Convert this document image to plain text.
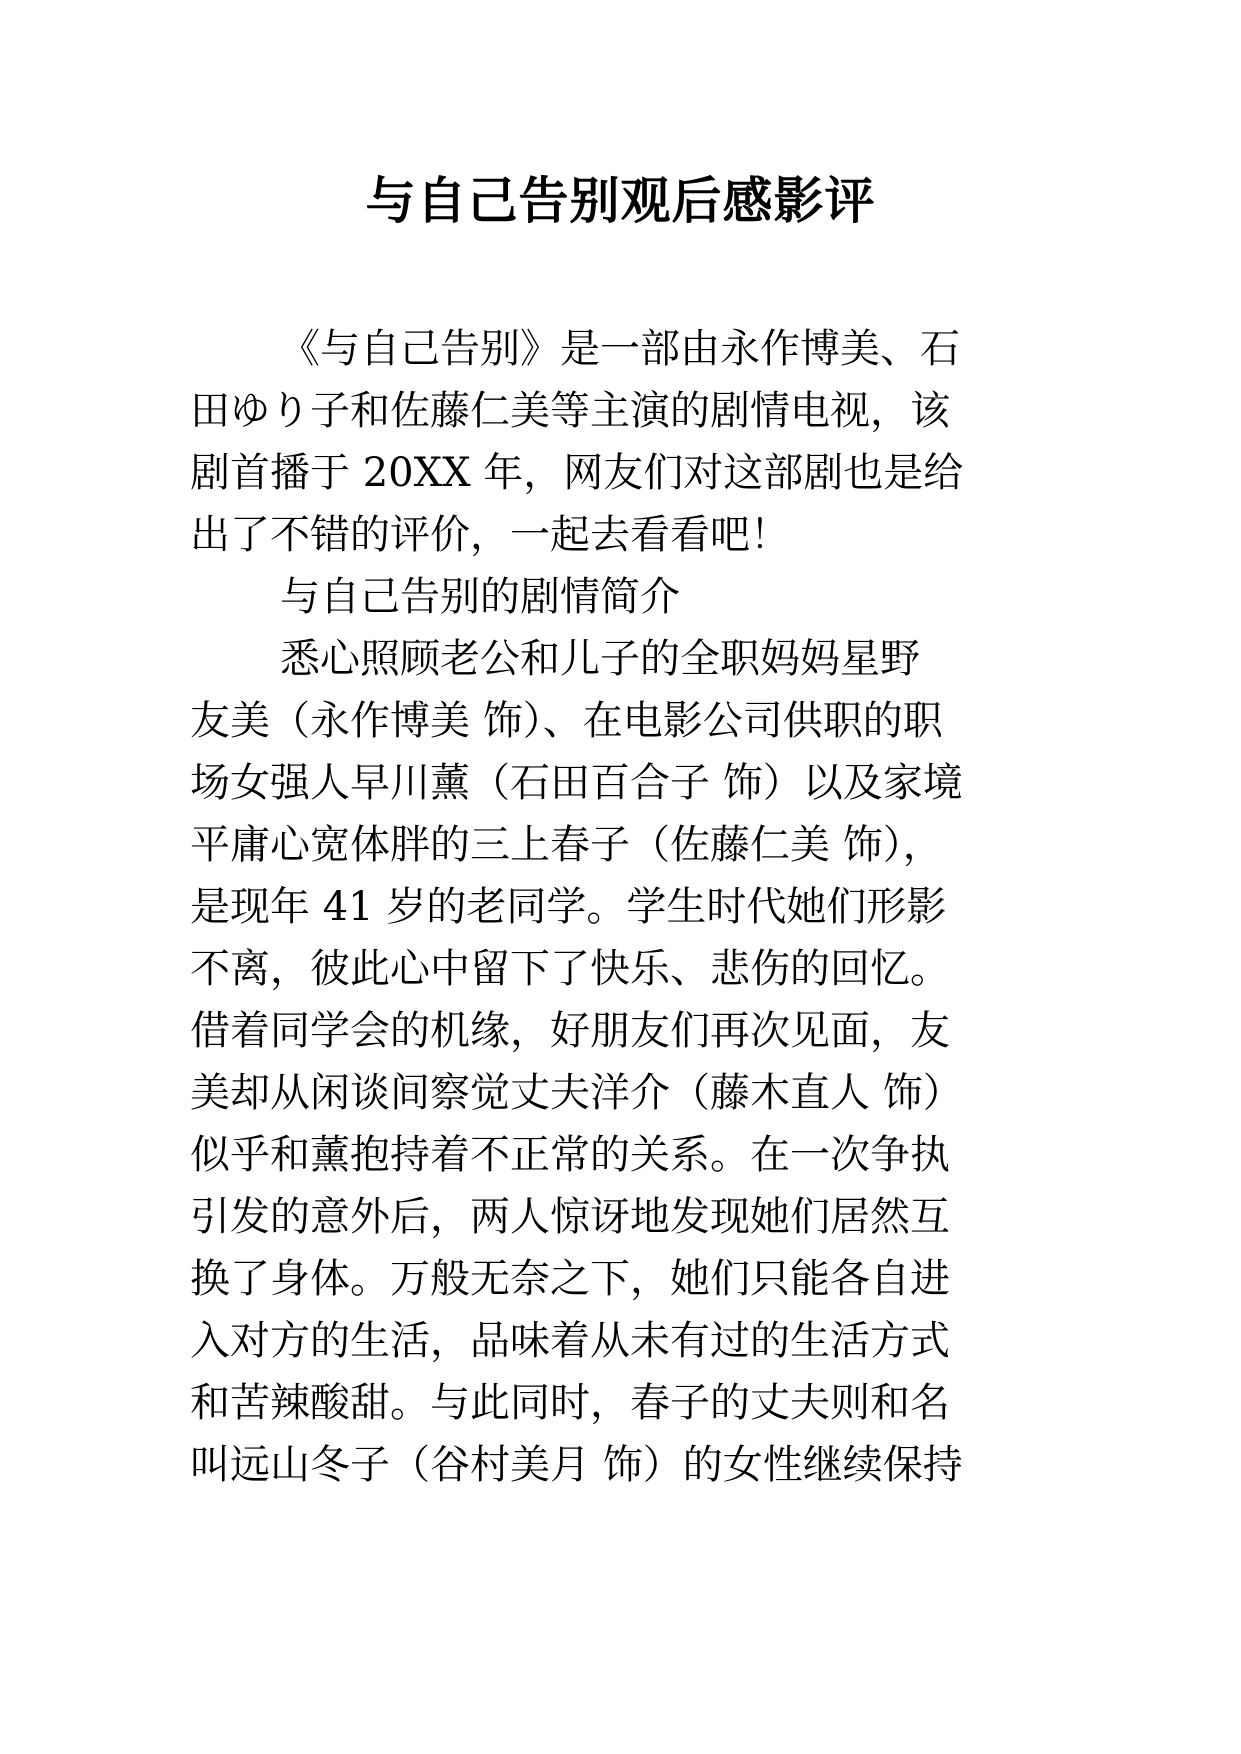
与自己告别观后感影评
《与自己告别》是一部由永作博美、石
田ゆり子和佐藤仁美等主演的剧情电视，该
剧首播于 20XX 年，网友们对这部剧也是给
出了不错的评价，一起去看看吧！
与自己告别的剧情简介
悉心照顾老公和儿子的全职妈妈星野
友美（永作博美 饰）、在电影公司供职的职
场女强人早川薰（石田百合子 饰）以及家境
平庸心宽体胖的三上春子（佐藤仁美 饰），
是现年 41 岁的老同学。学生时代她们形影
不离，彼此心中留下了快乐、悲伤的回忆。
借着同学会的机缘，好朋友们再次见面，友
美却从闲谈间察觉丈夫洋介（藤木直人 饰）
似乎和薰抱持着不正常的关系。在一次争执
引发的意外后，两人惊讶地发现她们居然互
换了身体。万般无奈之下，她们只能各自进
入对方的生活，品味着从未有过的生活方式
和苦辣酸甜。与此同时，春子的丈夫则和名
叫远山冬子（谷村美月 饰）的女性继续保持
